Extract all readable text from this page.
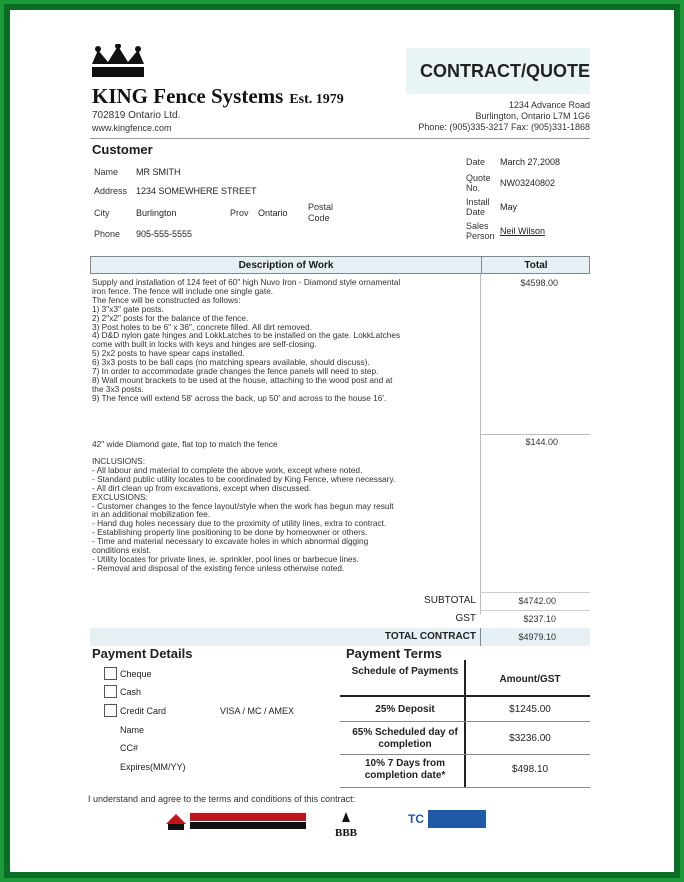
KING Fence Systems Est. 1979
702819 Ontario Ltd.
www.kingfence.com
CONTRACT/QUOTE
1234 Advance Road
Burlington, Ontario L7M 1G6
Phone: (905)335-3217 Fax: (905)331-1868
Customer
Name MR SMITH
Address 1234 SOMEWHERE STREET
City	Burlington	Prov Ontario
Postal Code
Phone 905-555-5555
Date March 27,2008
Quote No.	NW03240802
Install Date	May
Sales Person Neil Wilson
Description of Work	Total
Supply and installation of 124 feet of 60" high Nuvo Iron - Diamond style ornamental
iron fence. The fence will include one single gate.
The fence will be constructed as follows:
1) 3"x3" gate posts.
2) 2"x2" posts for the balance of the fence.
3) Post holes to be 6" x 36", concrete filled. All dirt removed.
4) D&D nylon gate hinges and LokkLatches to be installed on the gate. LokkLatches
come with built in locks with keys and hinges are self-closing.
5) 2x2 posts to have spear caps installed.
6) 3x3 posts to be ball caps (no matching spears available, should discuss).
7) In order to accommodate grade changes the fence panels will need to step.
8) Wall mount brackets to be used at the house, attaching to the wood post and at
the 3x3 posts.
9) The fence will extend 58' across the back, up 50' and across to the house 16'.
$4598.00
42" wide Diamond gate, flat top to match the fence	$144.00
INCLUSIONS:
- All labour and material to complete the above work, except where noted.
- Standard public utility locates to be coordinated by King Fence, where necessary.
- All dirt clean up from excavations, except when discussed.
EXCLUSIONS:
- Customer changes to the fence layout/style when the work has begun may result
in an additional mobilization fee.
- Hand dug holes necessary due to the proximity of utility lines, extra to contract.
- Establishing property line positioning to be done by homeowner or others.
- Time and material necessary to excavate holes in which abnormal digging
conditions exist.
- Utility locates for private lines, ie. sprinkler, pool lines or barbecue lines.
- Removal and disposal of the existing fence unless otherwise noted.
SUBTOTAL	$4742.00
GST	$237.10
TOTAL CONTRACT	$4979.10
Payment Details
Cheque
Cash
Credit Card	VISA / MC / AMEX
Name
CC#
Expires(MM/YY)
Payment Terms
Schedule of Payments
Amount/GST
25% Deposit	$1245.00
65% Scheduled day of completion
$3236.00
10% 7 Days from completion date*
$498.10
I understand and agree to the terms and conditions of this contract:
BBB
TC
